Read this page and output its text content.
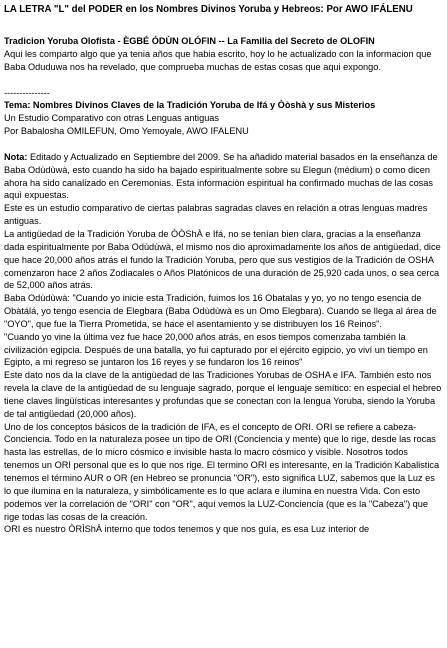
LA LETRA "L" del PODER en los Nombres Divinos Yoruba y Hebreos: Por AWO IFÁLENU
Tradicion Yoruba Olofista - ÈGBÉ ÓDÙN OLÓFIN -- La Familia del Secreto de OLOFIN

Aqui les comparto algo que ya tenia años que habia escrito, hoy lo he actualizado con la informacion que Baba Oduduwa nos ha revelado, que comprueba muchas de estas cosas que aqui expongo.

---------------

Tema: Nombres Divinos Claves de la Tradición Yoruba de Ifá y Òòshà y sus Misterios

Un Estudio Comparativo con otras Lenguas antiguas

Por Babalosha OMILEFUN, Omo Yemoyale, AWO IFALENU

Nota: Editado y Actualizado en Septiembre del 2009. Se ha añadido material basados en la enseñanza de Baba Odùdùwà, esto cuando ha sido ha bajado espiritualmente sobre su Elegun (médium) o como dicen ahora ha sido canalizado en Ceremonias. Esta informaciòn espiritual ha confirmado muchas de las cosas aquì expuestas.

Este es un estudio comparativo de ciertas palabras sagradas claves en relación a otras lenguas madres antiguas.

La antigüedad de la Tradición Yoruba de ÒÒShÀ e Ifá, no se tenían bien clara, gracias a la enseñanza dada espiritualmente por Baba Odùdùwà, el mismo nos dio aproximadamente los años de antigüedad, dice que hace 20,000 años atrás el fundo la Tradición Yoruba, pero que sus vestigios de la Tradición de OSHA comenzaron hace 2 años Zodiacales o Años Platónicos de una duración de 25,920 cada unos, o sea cerca de 52,000 años atrás.

Baba Odùdùwà: "Cuando yo inicie esta Tradición, fuimos los 16 Obatalas y yo, yo no tengo esencia de Obàtálá, yo tengo esencia de Elegbara (Baba Odùdùwà es un Omo Elegbara). Cuando se llega al área de "OYO", que fue la Tierra Prometida, se hace el asentamiento y se distribuyen los 16 Reinos".

"Cuando yo vine la última vez fue hace 20,000 años atrás, en esos tiempos comenzaba también la civilización egipcia. Después de una batalla, yo fui capturado por el ejército egipcio, yo viví un tiempo en Egipto, a mi regreso se juntaron los 16 reyes y se fundaron los 16 reinos"

Este dato nos da la clave de la antigüedad de las Tradiciones Yorubas de OSHA e IFA. También esto nos revela la clave de la antigüedad de su lenguaje sagrado, porque el lenguaje semítico: en especial el hebreo tiene claves lingüísticas interesantes y profundas que se conectan con la lengua Yoruba, siendo la Yoruba de tal antigüedad (20,000 años).

Uno de los conceptos básicos de la tradición de IFA, es el concepto de ORI. ORI se refiere a cabeza-Conciencia. Todo en la naturaleza posee un tipo de ORI (Conciencia y mente) que lo rige, desde las rocas hasta las estrellas, de lo micro cósmico e invisible hasta lo macro cósmico y visible. Nosotros todos tenemos un ORI personal que es lo que nos rige. El termino ORI es interesante, en la Tradición Kabalistica tenemos el término AUR o OR (en Hebreo se pronuncia "OR"), esto significa LUZ, sabemos que la Luz es lo que ilumina en la naturaleza, y simbólicamente es lo que aclara e ilumina en nuestra Vida. Con esto podemos ver la correlación de "ORI" con "OR", aquí vemos la LUZ-Conciencia (que es la "Cabeza") que rige todas las cosas de la creación.

ORI es nuestro ÒRÌShÀ interno que todos tenemos y que nos guía, es esa Luz interior de
